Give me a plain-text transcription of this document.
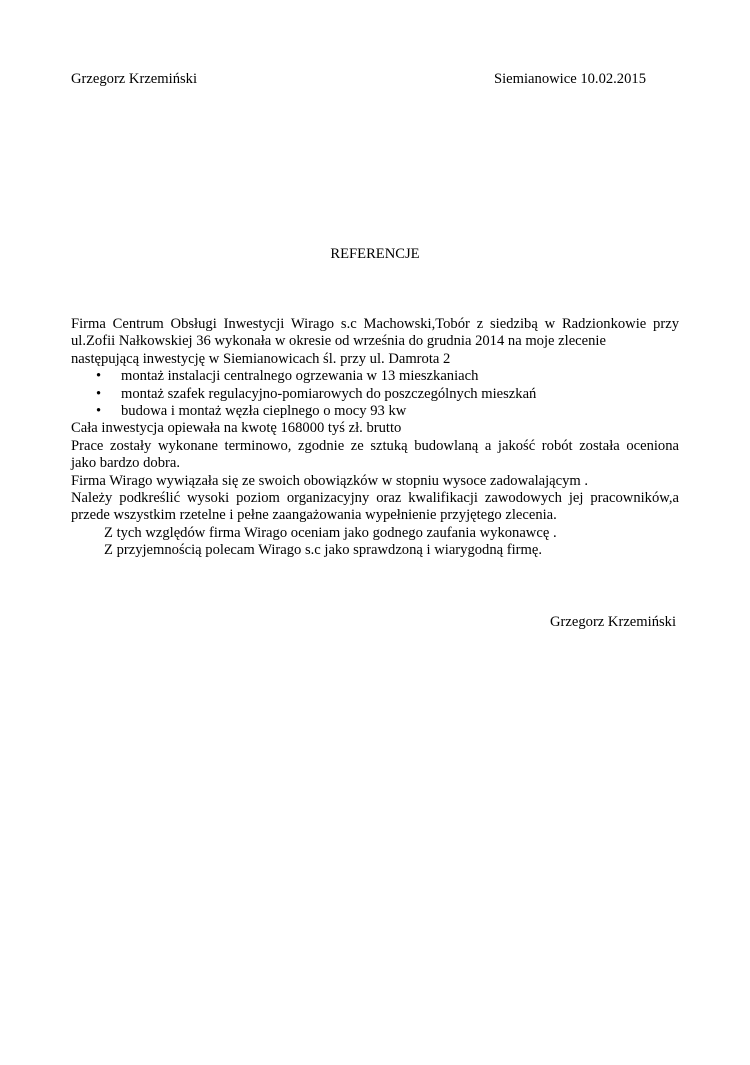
Grzegorz Krzemiński	Siemianowice 10.02.2015
REFERENCJE
Firma Centrum Obsługi Inwestycji Wirago s.c Machowski,Tobór z siedzibą w Radzionkowie przy
ul.Zofii Nałkowskiej 36 wykonała w okresie od września do grudnia 2014 na moje zlecenie
następującą inwestycję w Siemianowicach śl. przy ul. Damrota 2
• montaż instalacji centralnego ogrzewania w 13 mieszkaniach
• montaż szafek regulacyjno-pomiarowych do poszczególnych mieszkań
• budowa i montaż węzła cieplnego o mocy 93 kw
Cała inwestycja opiewała na kwotę 168000 tyś zł. brutto
Prace zostały wykonane terminowo, zgodnie ze sztuką budowlaną a jakość robót została oceniona
jako bardzo dobra.
Firma Wirago wywiązała się ze swoich obowiązków w stopniu wysoce zadowalającym .
Należy podkreślić wysoki poziom organizacyjny oraz kwalifikacji zawodowych jej pracowników,a
przede wszystkim rzetelne i pełne zaangażowania wypełnienie przyjętego zlecenia.
Z tych względów firma Wirago oceniam jako godnego zaufania wykonawcę .
Z przyjemnością polecam Wirago s.c jako sprawdzoną i wiarygodną firmę.
Grzegorz Krzemiński
